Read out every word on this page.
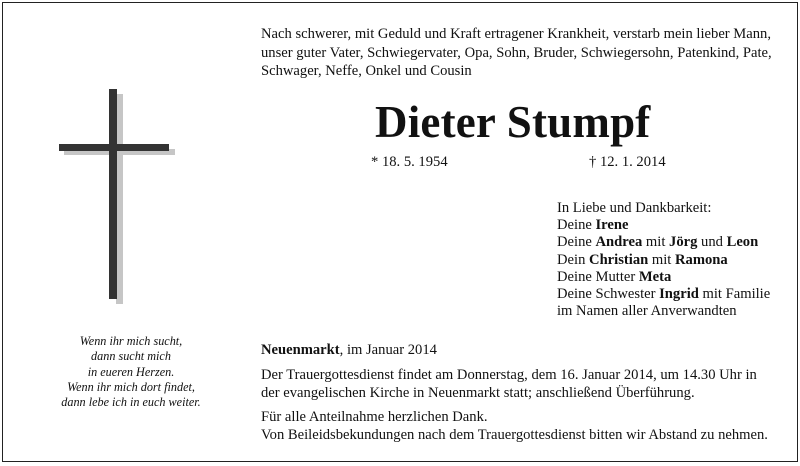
Nach schwerer, mit Geduld und Kraft ertragener Krankheit, verstarb mein lieber Mann,
unser guter Vater, Schwiegervater, Opa, Sohn, Bruder, Schwiegersohn, Patenkind, Pate,
Schwager, Neffe, Onkel und Cousin

Dieter Stumpf
* 18. 5. 1954	† 12. 1. 2014
In Liebe und Dankbarkeit:
Deine Irene
Deine Andrea mit Jörg und Leon
Dein Christian mit Ramona
Deine Mutter Meta
Deine Schwester Ingrid mit Familie
im Namen aller Anverwandten
Wenn ihr mich sucht,
dann sucht mich
in eueren Herzen.
Wenn ihr mich dort findet,
dann lebe ich in euch weiter.
Neuenmarkt, im Januar 2014

Der Trauergottesdienst findet am Donnerstag, dem 16. Januar 2014, um 14.30 Uhr in
der evangelischen Kirche in Neuenmarkt statt; anschließend Überführung.

Für alle Anteilnahme herzlichen Dank.
Von Beileidsbekundungen nach dem Trauergottesdienst bitten wir Abstand zu nehmen.
